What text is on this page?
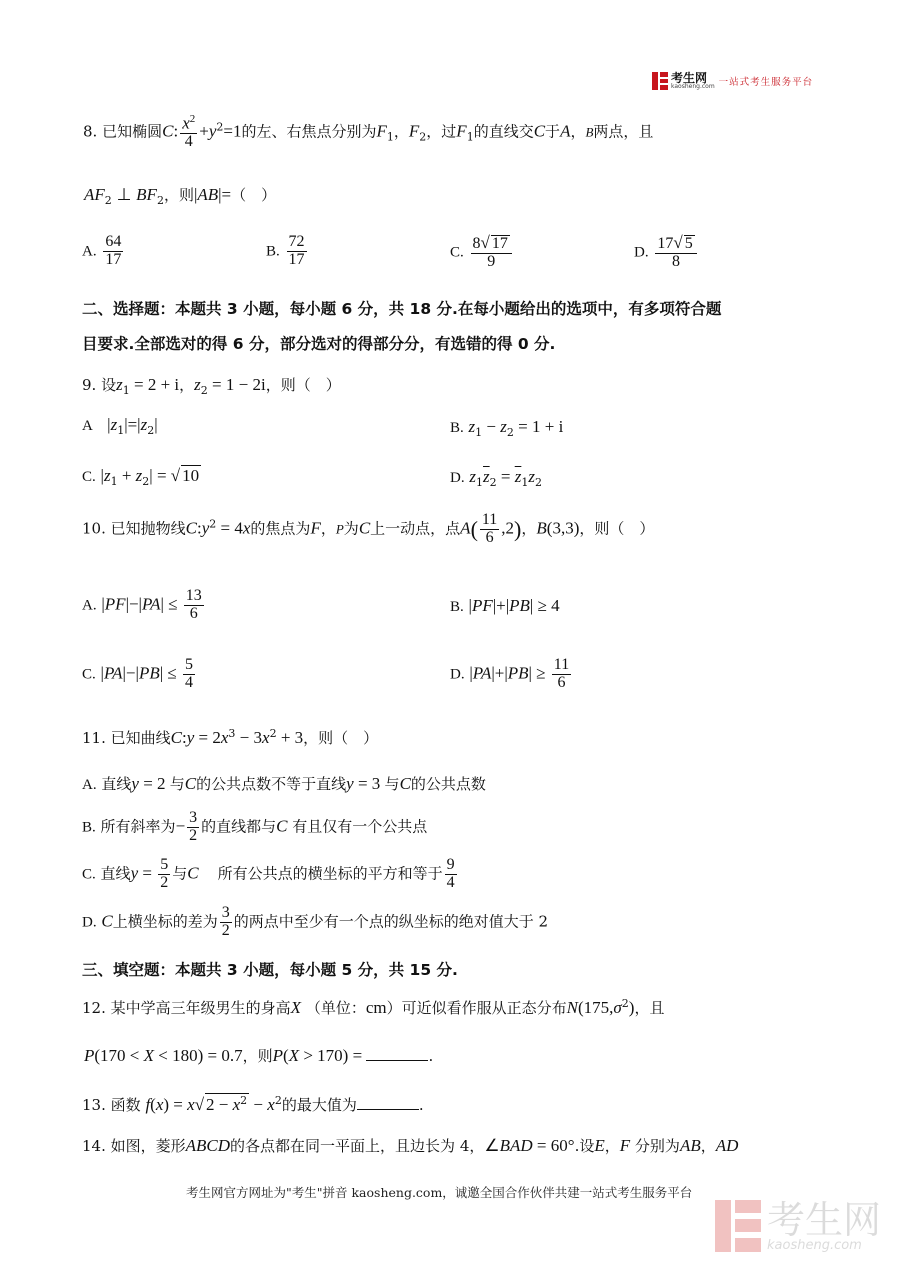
考生网
kaosheng.com 一站式考生服务平台
8. 已知椭圆C: $\frac{x^2}{4} +y^2=1$的左、右焦点分别为$F_1$，$F_2$，过$F_1$的直线交C于A，B两点，且
$AF_2$ ⊥ $BF_2$，则|AB|=（　）
A. $\frac{64}{17}$	B. $\frac{72}{17}$	C. $\frac{8√ 17}{9}$	D. $\frac{17√ 5}{8}$
二、选择题：本题共 3 小题，每小题 6 分，共 18 分.在每小题给出的选项中，有多项符合题
目要求.全部选对的得 6 分，部分选对的得部分分，有选错的得 0 分.
9. 设$z_1 = 2 + i$，$z_2 = 1 - 2i$，则（　）
A $|z_1|=|z_2|$	B. $z_1 - z_2 = 1 + i$
C. $|z_1 + z_2|$ = √ 10	D. $z_1\overline{z}_2 = \overline{z}_1z_2$
10. 已知抛物线$C:y^2 = 4x$的焦点为F，P为C上一动点，点$A( \frac{11}{6} ,2)$，B(3,3)，则（　）
A. $|PF|-|PA| \le \frac{13}{6}$	B. |PF|+|PB| ≥ 4
C. $|PA|-|PB| \le \frac{5}{4}$	D. $|PA|+|PB| \ge \frac{11}{6}$
11. 已知曲线C:y = $2x^3 - 3x^2 + 3$，则（　）
A. 直线y = 2 与C的公共点数不等于直线y = 3 与C的公共点数
B. 所有斜率为− $\frac{3}{2}$ 的直线都与C 有且仅有一个公共点
C. 直线$y = \frac{5}{2}$ 与C 所有公共点的横坐标的平方和等于 $\frac{9}{4}$
D. C上横坐标的差为 $\frac{3}{2}$ 的两点中至少有一个点的纵坐标的绝对值大于 2
三、填空题：本题共 3 小题，每小题 5 分，共 15 分.
12. 某中学高三年级男生的身高X （单位：cm）可近似看作服从正态分布$N(175,\sigma^2)$，且
P(170 < X < 180) = 0.7，则P(X > 170) =	.
13. 函数 f(x) = x√ $2 - x^2 - x^2$的最大值为	.
14. 如图，菱形ABCD的各点都在同一平面上，且边长为 4，∠BAD = 60°.设E，F 分别为AB，AD
考生网官方网址为"考生"拼音 kaosheng.com，诚邀全国合作伙伴共建一站式考生服务平台
考生网
kaosheng.com
